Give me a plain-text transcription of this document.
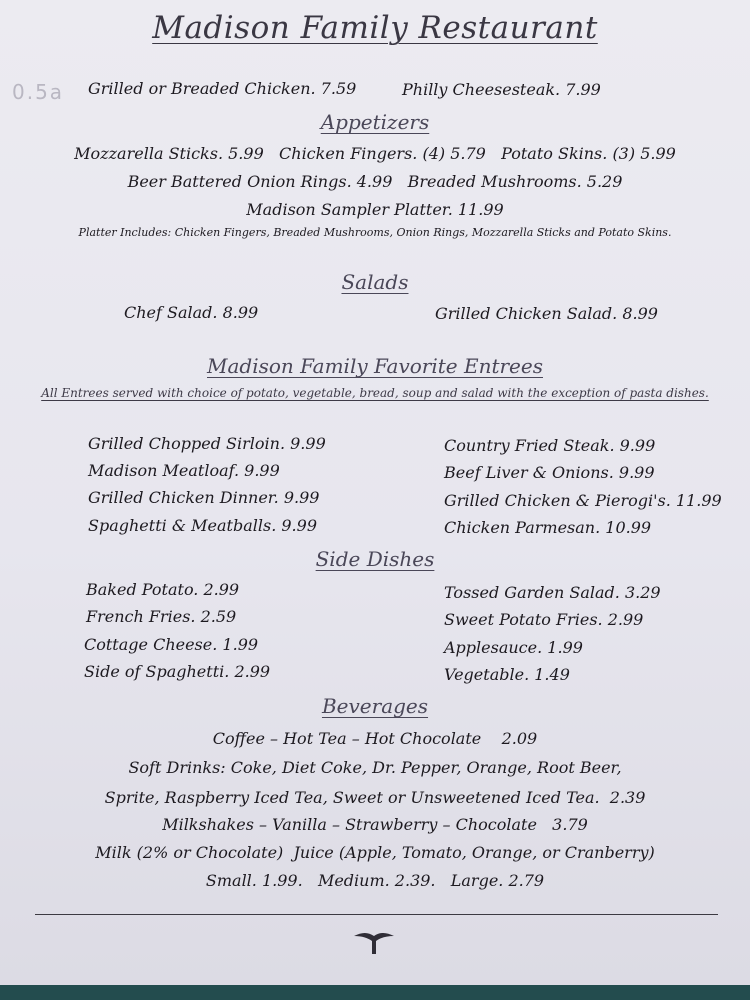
0.5a
Madison Family Restaurant
Grilled or Breaded Chicken. 7.59	Philly Cheesesteak. 7.99
Appetizers
Mozzarella Sticks. 5.99 Chicken Fingers. (4) 5.79 Potato Skins. (3) 5.99
Beer Battered Onion Rings. 4.99 Breaded Mushrooms. 5.29
Madison Sampler Platter. 11.99
Platter Includes: Chicken Fingers, Breaded Mushrooms, Onion Rings, Mozzarella Sticks and Potato Skins.
Salads
Chef Salad. 8.99	Grilled Chicken Salad. 8.99
Madison Family Favorite Entrees
All Entrees served with choice of potato, vegetable, bread, soup and salad with the exception of pasta dishes.
Grilled Chopped Sirloin. 9.99	Country Fried Steak. 9.99
Madison Meatloaf. 9.99	Beef Liver & Onions. 9.99
Grilled Chicken Dinner. 9.99	Grilled Chicken & Pierogi's. 11.99
Spaghetti & Meatballs. 9.99	Chicken Parmesan. 10.99
Side Dishes
Baked Potato. 2.99	Tossed Garden Salad. 3.29
French Fries. 2.59	Sweet Potato Fries. 2.99
Cottage Cheese. 1.99	Applesauce. 1.99
Side of Spaghetti. 2.99	Vegetable. 1.49
Beverages
Coffee – Hot Tea – Hot Chocolate    2.09
Soft Drinks: Coke, Diet Coke, Dr. Pepper, Orange, Root Beer,
Sprite, Raspberry Iced Tea, Sweet or Unsweetened Iced Tea.  2.39
Milkshakes – Vanilla – Strawberry – Chocolate   3.79
Milk (2% or Chocolate)  Juice (Apple, Tomato, Orange, or Cranberry)
Small. 1.99.   Medium. 2.39.   Large. 2.79
